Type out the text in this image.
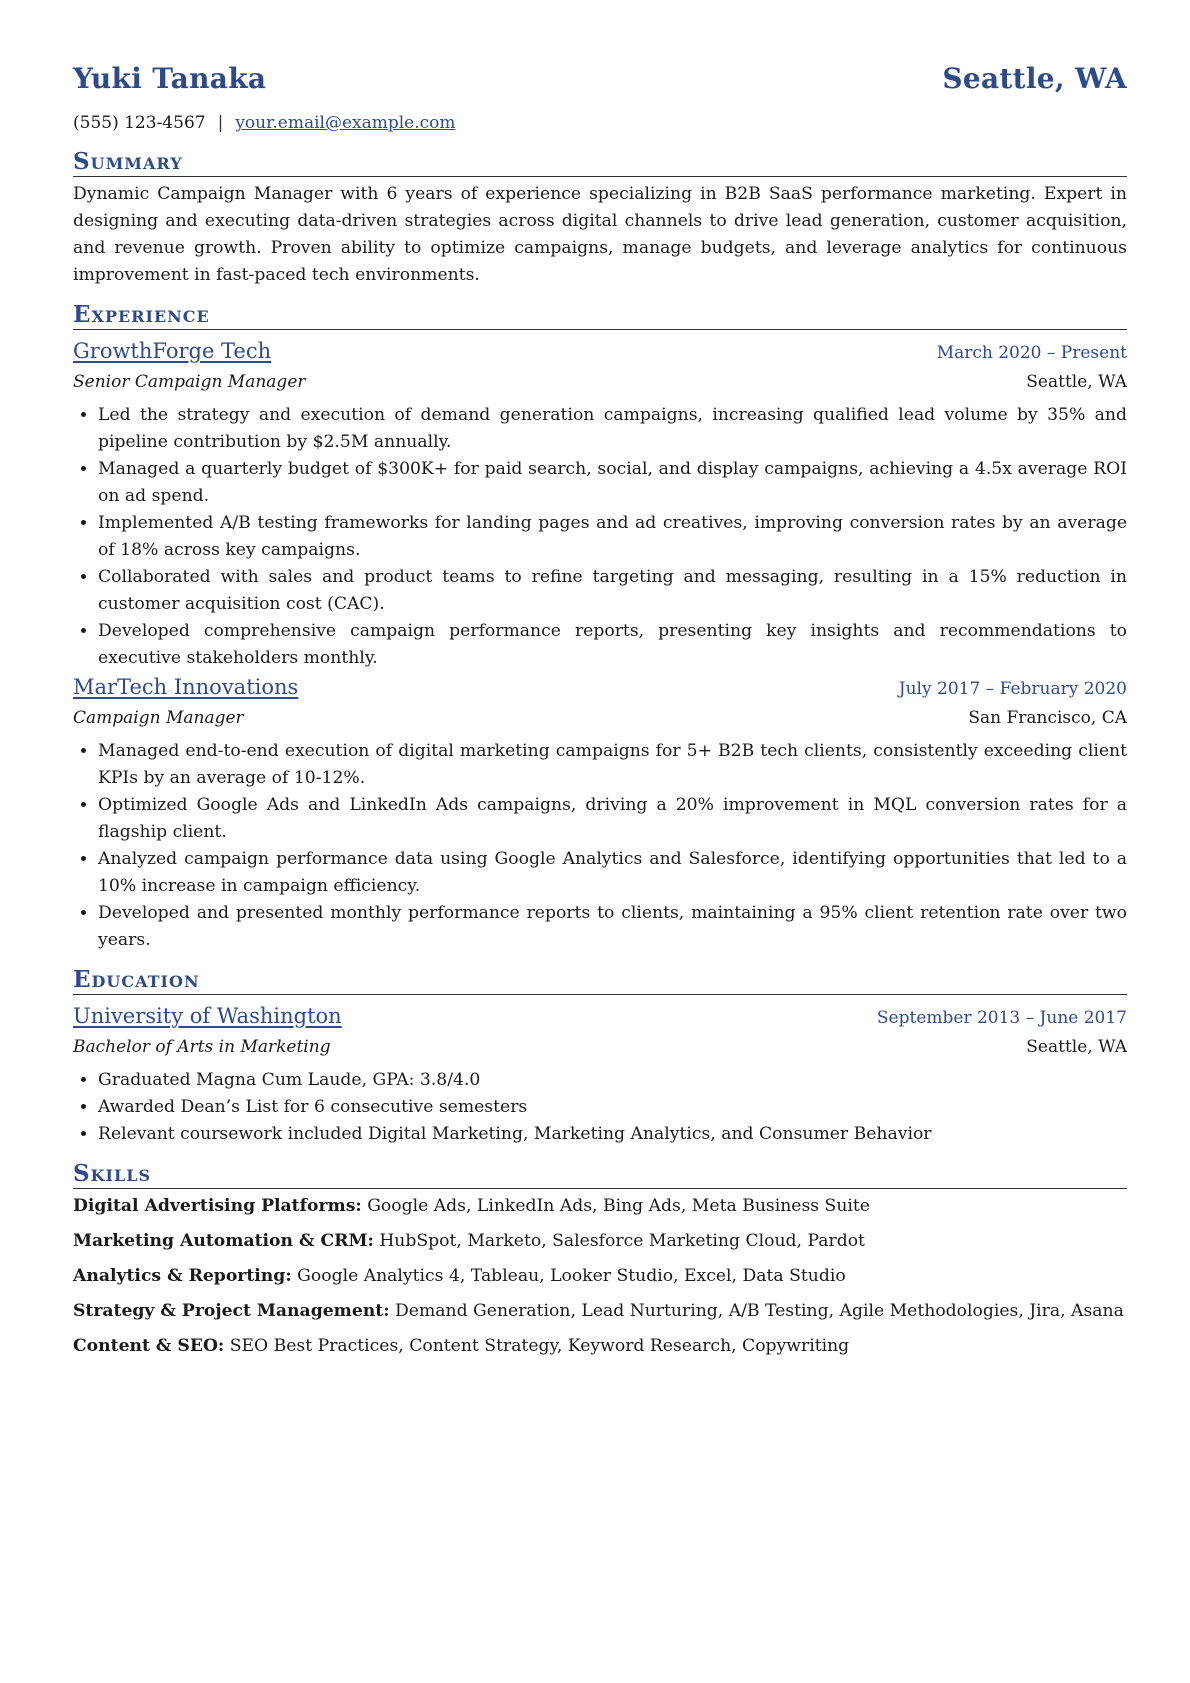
Yuki Tanaka	Seattle, WA
(555) 123-4567 | your.email@example.com
Summary
Dynamic Campaign Manager with 6 years of experience specializing in B2B SaaS performance marketing. Expert in designing and executing data-driven strategies across digital channels to drive lead generation, customer acquisition, and revenue growth. Proven ability to optimize campaigns, manage budgets, and leverage analytics for continuous improvement in fast-paced tech environments.
Experience
GrowthForge Tech	March 2020 – Present
Senior Campaign Manager	Seattle, WA
• Led the strategy and execution of demand generation campaigns, increasing qualified lead volume by 35% and pipeline contribution by $2.5M annually.
• Managed a quarterly budget of $300K+ for paid search, social, and display campaigns, achieving a 4.5x average ROI on ad spend.
• Implemented A/B testing frameworks for landing pages and ad creatives, improving conversion rates by an average of 18% across key campaigns.
• Collaborated with sales and product teams to refine targeting and messaging, resulting in a 15% reduction in customer acquisition cost (CAC).
• Developed comprehensive campaign performance reports, presenting key insights and recommendations to executive stakeholders monthly.
MarTech Innovations	July 2017 – February 2020
Campaign Manager	San Francisco, CA
• Managed end-to-end execution of digital marketing campaigns for 5+ B2B tech clients, consistently exceeding client KPIs by an average of 10-12%.
• Optimized Google Ads and LinkedIn Ads campaigns, driving a 20% improvement in MQL conversion rates for a flagship client.
• Analyzed campaign performance data using Google Analytics and Salesforce, identifying opportunities that led to a 10% increase in campaign efficiency.
• Developed and presented monthly performance reports to clients, maintaining a 95% client retention rate over two years.
Education
University of Washington	September 2013 – June 2017
Bachelor of Arts in Marketing	Seattle, WA
• Graduated Magna Cum Laude, GPA: 3.8/4.0
• Awarded Dean’s List for 6 consecutive semesters
• Relevant coursework included Digital Marketing, Marketing Analytics, and Consumer Behavior
Skills
Digital Advertising Platforms: Google Ads, LinkedIn Ads, Bing Ads, Meta Business Suite
Marketing Automation & CRM: HubSpot, Marketo, Salesforce Marketing Cloud, Pardot
Analytics & Reporting: Google Analytics 4, Tableau, Looker Studio, Excel, Data Studio
Strategy & Project Management: Demand Generation, Lead Nurturing, A/B Testing, Agile Methodologies, Jira, Asana
Content & SEO: SEO Best Practices, Content Strategy, Keyword Research, Copywriting
